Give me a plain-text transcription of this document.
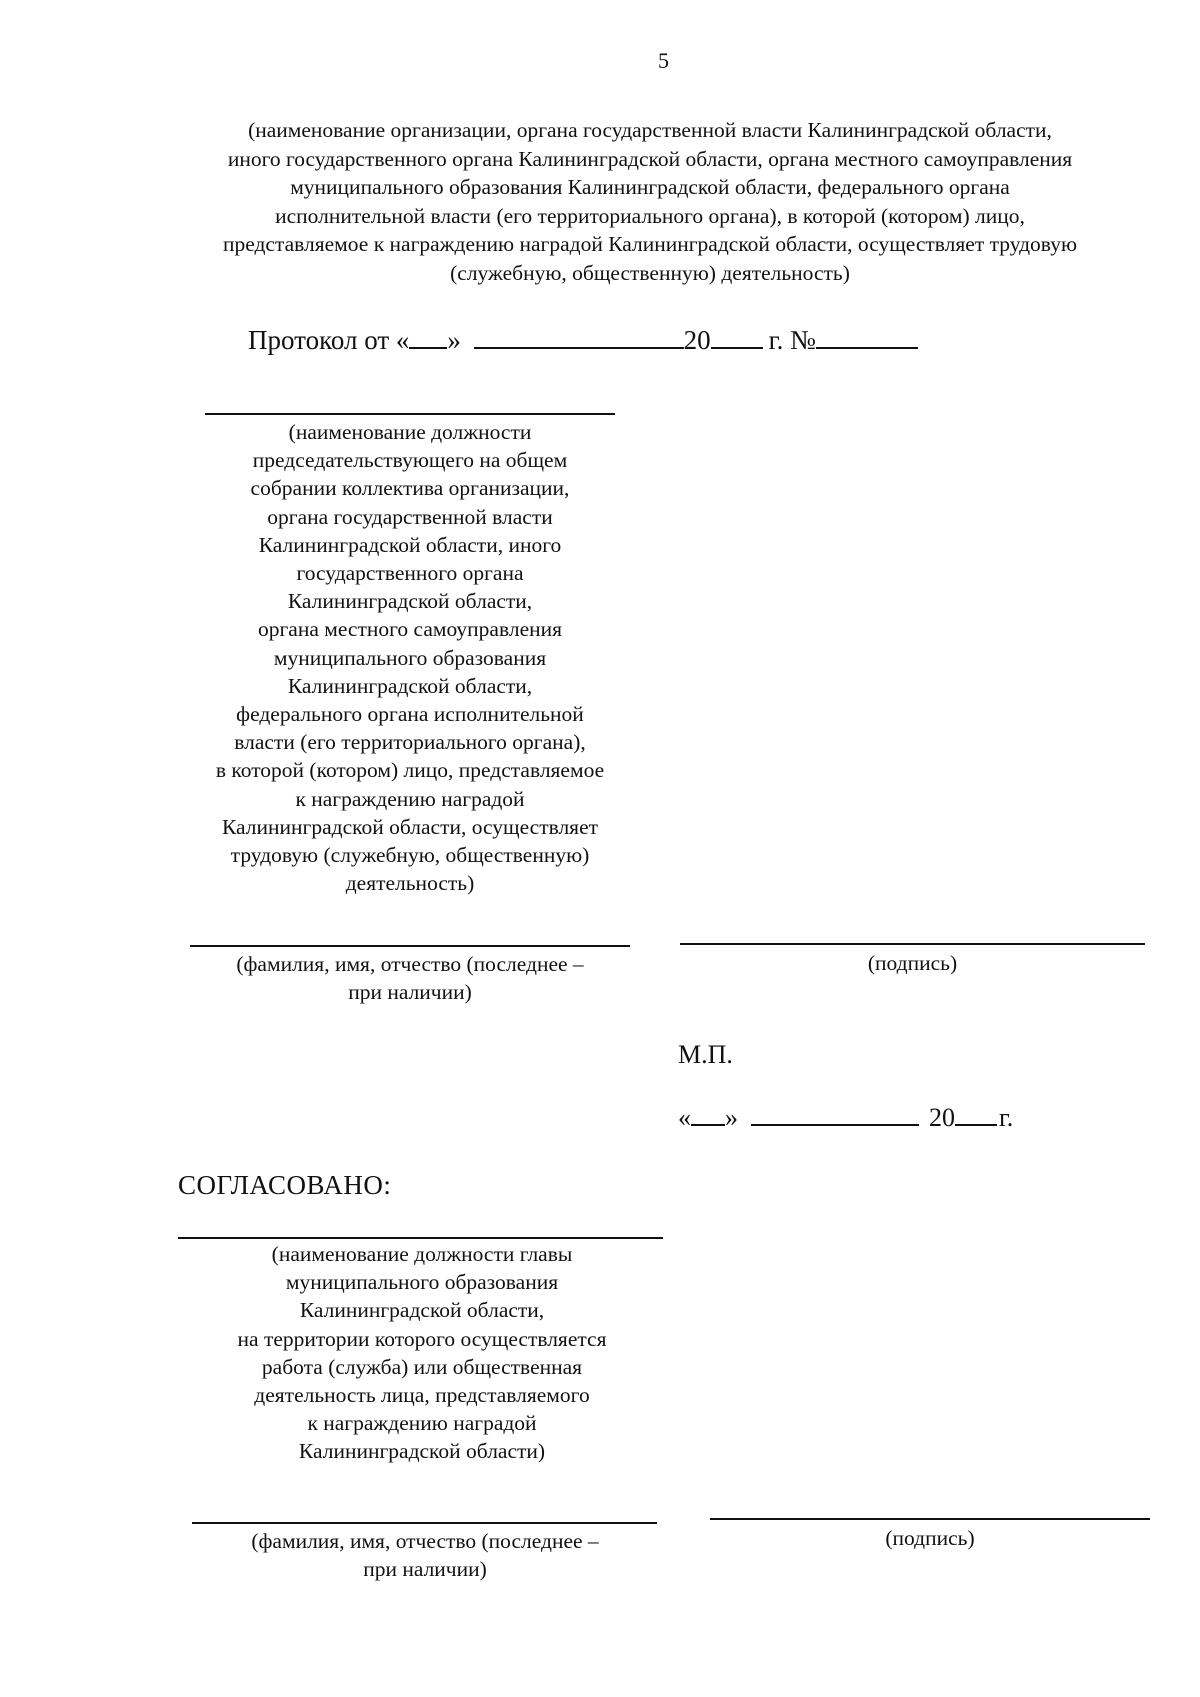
5
(наименование организации, органа государственной власти Калининградской области,
иного государственного органа Калининградской области, органа местного самоуправления
муниципального образования Калининградской области, федерального органа
исполнительной власти (его территориального органа), в которой (котором) лицо,
представляемое к награждению наградой Калининградской области, осуществляет трудовую
(служебную, общественную) деятельность)
Протокол от « »	20 г. №
(наименование должности
председательствующего на общем
собрании коллектива организации,
органа государственной власти
Калининградской области, иного
государственного органа
Калининградской области,
органа местного самоуправления
муниципального образования
Калининградской области,
федерального органа исполнительной
власти (его территориального органа),
в которой (котором) лицо, представляемое
к награждению наградой
Калининградской области, осуществляет
трудовую (служебную, общественную)
деятельность)
(фамилия, имя, отчество (последнее –
при наличии)
(подпись)
М.П.
« »	20 г.
СОГЛАСОВАНО:
(наименование должности главы
муниципального образования
Калининградской области,
на территории которого осуществляется
работа (служба) или общественная
деятельность лица, представляемого
к награждению наградой
Калининградской области)
(фамилия, имя, отчество (последнее –
при наличии)
(подпись)
